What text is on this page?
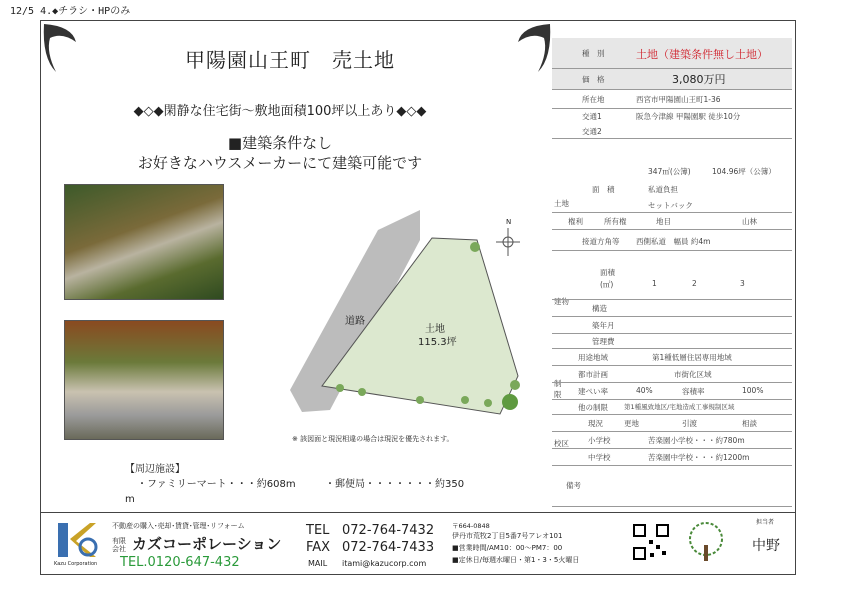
12/5 4.◆チラシ・HPのみ
甲陽園山王町　売土地
◆◇◆閑静な住宅街～敷地面積100坪以上あり◆◇◆
■建築条件なし
お好きなハウスメーカーにて建築可能です
N
道路
土地
115.3坪
※ 該図面と現況相違の場合は現況を優先されます。
【周辺施設】
・ファミリーマート・・・約608m	・郵便局・・・・・・・約350
m
種　別	土地（建築条件無し土地）
価　格	3,080万円
所在地	西宮市甲陽園山王町1-36
交通1	阪急今津線 甲陽園駅 徒歩10分
交通2
土地
面　積
347㎡(公簿)	104.96坪（公簿）
私道負担
セットバック
権利	所有権	地目	山林
接道方角等 西側私道　幅員 約4m
建物
面積
(㎡)	1	2	3
構造
築年月
管理費
制限
用途地域	第1種低層住居専用地域
都市計画	市街化区域
建ぺい率	40%	容積率	100%
他の制限 第1種風致地区/宅地造成工事規制区域
現況	更地	引渡	相談
校区	小学校	苦楽園小学校・・・約780m
中学校	苦楽園中学校・・・約1200m
備考
Kazu Corporation
不動産の購入･売却･賃貸･管理･リフォーム
有限会社 カズコーポレーション
TEL.0120-647-432
TEL 072-764-7432
FAX 072-764-7433
MAIL itami@kazucorp.com
〒664-0848
伊丹市荒牧2丁目5番7号アレオ101
■営業時間/AM10：00～PM7：00
■定休日/毎週水曜日・第1・3・5火曜日
担当者
中野
